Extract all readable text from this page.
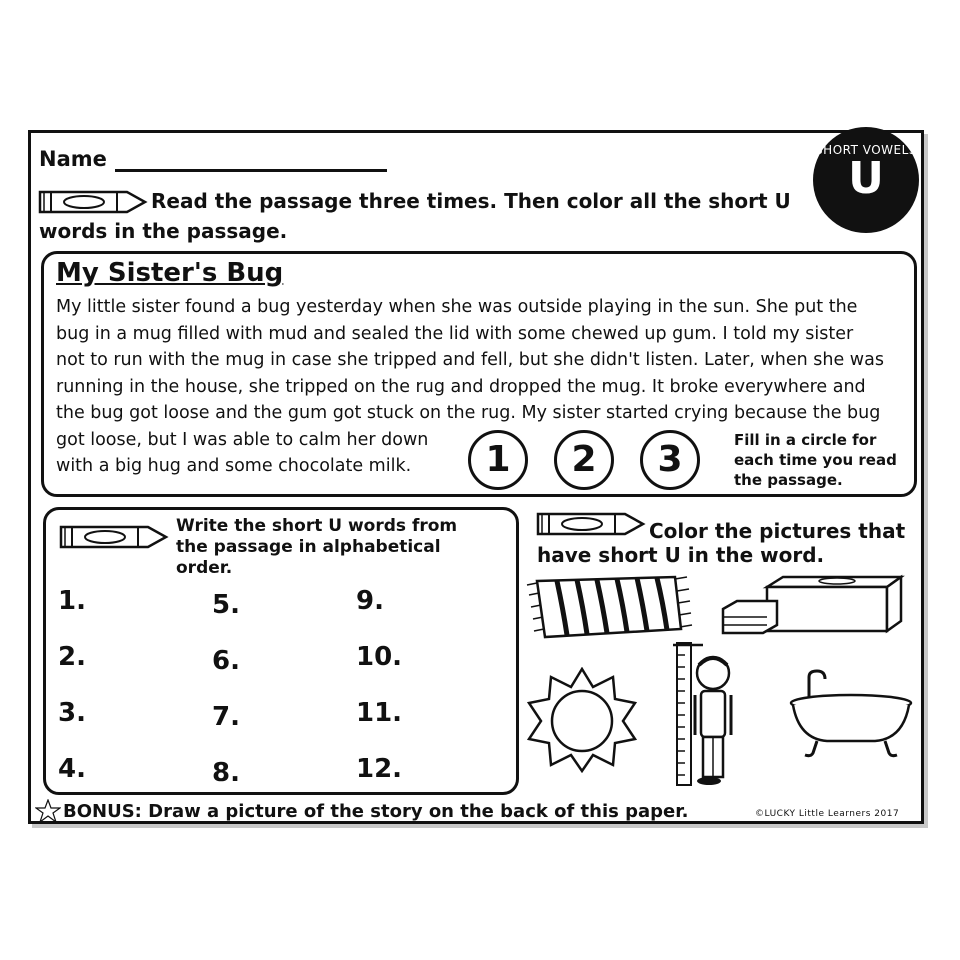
SHORT VOWELS
U
Name
Read the passage three times. Then color all the short U
words in the passage.
My Sister's Bug
My little sister found a bug yesterday when she was outside playing in the sun. She put the
bug in a mug filled with mud and sealed the lid with some chewed up gum. I told my sister
not to run with the mug in case she tripped and fell, but she didn't listen. Later, when she was
running in the house, she tripped on the rug and dropped the mug. It broke everywhere and
the bug got loose and the gum got stuck on the rug. My sister started crying because the bug
got loose, but I was able to calm her down
with a big hug and some chocolate milk.	1	2	3	Fill in a circle for
each time you read
the passage.
Write the short U words from
the passage in alphabetical
order.
1.
2.
3.
4.
5.
6.
7.
8.
9.
10.
11.
12.
Color the pictures that
have short U in the word.
BONUS: Draw a picture of the story on the back of this paper.	©LUCKY Little Learners 2017
